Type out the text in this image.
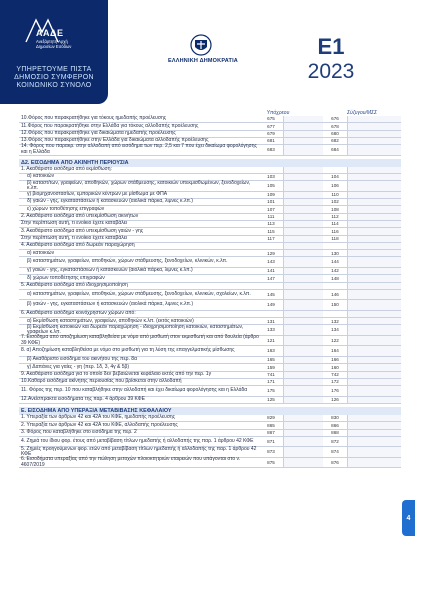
ΑΑΔΕ
Ανεξάρτητη Αρχή Δημοσίων Εσόδων
ΥΠΗΡΕΤΟΥΜΕ ΠΙΣΤΑ ΔΗΜΟΣΙΟ ΣΥΜΦΕΡΟΝ ΚΟΙΝΩΝΙΚΟ ΣΥΝΟΛΟ
ΕΛΛΗΝΙΚΗ ΔΗΜΟΚΡΑΤΙΑ
Ε1
2023
Υπόχρεου	Σύζυγου/ΜΣΣ
10.Φόρος που παρακρατήθηκε για τόκους ημεδαπής προέλευσης	675	676
11.Φόρος που παρακρατήθηκε στην Ελλάδα για τόκους αλλοδαπής προέλευσης	677	678
12.Φόρος που παρακρατήθηκε για δικαιώματα ημεδαπής προέλευσης	679	680
13.Φόρος που παρακρατήθηκε στην Ελλάδα για δικαιώματα αλλοδαπής προέλευσης	681	682
14. Φόρος που παρακρ. στην αλλοδαπή από εισόδημα των περ. 2,5 και 7 που έχει δικαίωμα φορολόγησης και η Ελλάδα	683	684
Δ2. ΕΙΣΟΔΗΜΑ ΑΠΟ ΑΚΙΝΗΤΗ ΠΕΡΙΟΥΣΙΑ
1. Ακαθάριστο εισόδημα από εκμίσθωση:
α) κατοικιών	103	104
β) καταστ/των, γραφείων, αποθηκών, χώρων στάθμευσης, κατοικιών υπεκμισθωμένων, ξενοδοχείων, κ.λπ.	105	106
γ) βιομηχανοστασίων, εμπορικών κέντρων με μίσθωμα με ΦΠΑ	109	110
δ) γαιών - γης, εγκαταστάσεων ή κατασκευών (αιολικά πάρκα, λιμνες κ.λπ.)	101	102
ε) χώρων τοποθέτησης επιγραφών	107	108
2. Ακαθάριστο εισόδημα από υπεκμίσθωση ακινήτων	111	112
Στην περίπτωση αυτή, τι ενοίκιο έχετε καταβάλει	113	114
3. Ακαθάριστο εισόδημα από υπεκμίσθωση γαιών - γης	115	116
Στην περίπτωση αυτή, τι ενοίκιο έχετε καταβάλει	117	118
4. Ακαθάριστο εισόδημα από δωρεάν παραχώρηση
α) κατοικιών	129	130
β) καταστημάτων, γραφείων, αποθηκών, χώρων στάθμευσης, ξενοδοχείων, κλινικών, κ.λπ.	143	144
γ) γαιών - γης, εγκαταστάσεων ή κατασκευών (αιολικά πάρκα, λιμνες κ.λπ.)	141	142
δ) χώρων τοποθέτησης επιγραφών	147	148
5. Ακαθάριστο εισόδημα από ιδιοχρησιμοποίηση
α) καταστημάτων, γραφείων, αποθηκών, χώρων στάθμευσης, ξενοδοχείων, κλινικών, σχολείων, κ.λπ.	145	146
β) γαιών - γης, εγκαταστάσεων ή κατασκευών (αιολικά πάρκα, λιμνες κ.λπ.)	149	150
6. Ακαθάριστο εισόδημα κοινόχρηστων χώρων από:
α) Εκμίσθωση καταστημάτων, γραφείων, αποθηκών κ.λπ. (εκτός κατοικιών)	131	132
β) Εκμίσθωση κατοικιών και δωρεάν παραχώρηση - ιδιοχρησιμοποίηση κατοικιών, καταστημάτων, γραφείων κ.λπ.	133	134
7. Εισόδημα από αποζημίωση καταβληθείσα με νόμο από μισθωτή στον εκμισθωτή και από δουλεία (άρθρο 39 ΚΦΕ)	121	122
8. α) Αποζημίωση καταβληθείσα με νόμο στο μισθωτή για τη λύση της επαγγελματικής μίσθωσης	163	164
β) Ακαθάριστο εισόδημα του ακινήτου της περ. 8α	165	166
γ) Δαπάνες για γαίες - γη (περ. 1δ, 3, 4γ & 5β)	159	160
9. Ακαθάριστο εισόδημα για το οποίο δεν βεβαιώνεται κεφάλαιο εκτός από την περ. 1γ	741	742
10.Καθαρό εισόδημα ακίνητης περιουσίας που βρίσκεται στην αλλοδαπή	171	172
11. Φόρος της περ. 10 που καταβλήθηκε στην αλλοδαπή και έχει δικαίωμα φορολόγησης και η Ελλάδα	175	176
12.Ανείσπρακτα εισοδήματα της παρ. 4 άρθρου 39 ΚΦΕ	125	126
Ε. ΕΙΣΟΔΗΜΑ ΑΠΟ ΥΠΕΡΑΞΙΑ ΜΕΤΑΒΙΒΑΣΗΣ ΚΕΦΑΛΑΙΟΥ
1. Υπεραξία των άρθρων 42 και 42Α του ΚΦΕ, ημεδαπής προέλευσης	829	830
2. Υπεραξία των άρθρων 42 και 42Α του ΚΦΕ, αλλοδαπής προέλευσης	865	866
3. Φόρος που καταβλήθηκε στο εισόδημα της περ. 2	867	868
4. Ζημιά του ίδιου φορ. έτους από μεταβίβαση τίτλων ημεδαπής ή αλλοδαπής της παρ. 1 άρθρου 42 ΚΦΕ	871	872
5. Ζημιές προηγούμενων φορ. ετών από μεταβίβαση τίτλων ημεδαπής ή αλλοδαπής της παρ. 1 άρθρου 42 ΚΦΕ	873	874
6. Εισοδήματα υπεραξίας από την πώληση μετοχών πλοιοκτητριών εταιρειών που υπάγονται στο ν. 4607/2019	875	876
4
